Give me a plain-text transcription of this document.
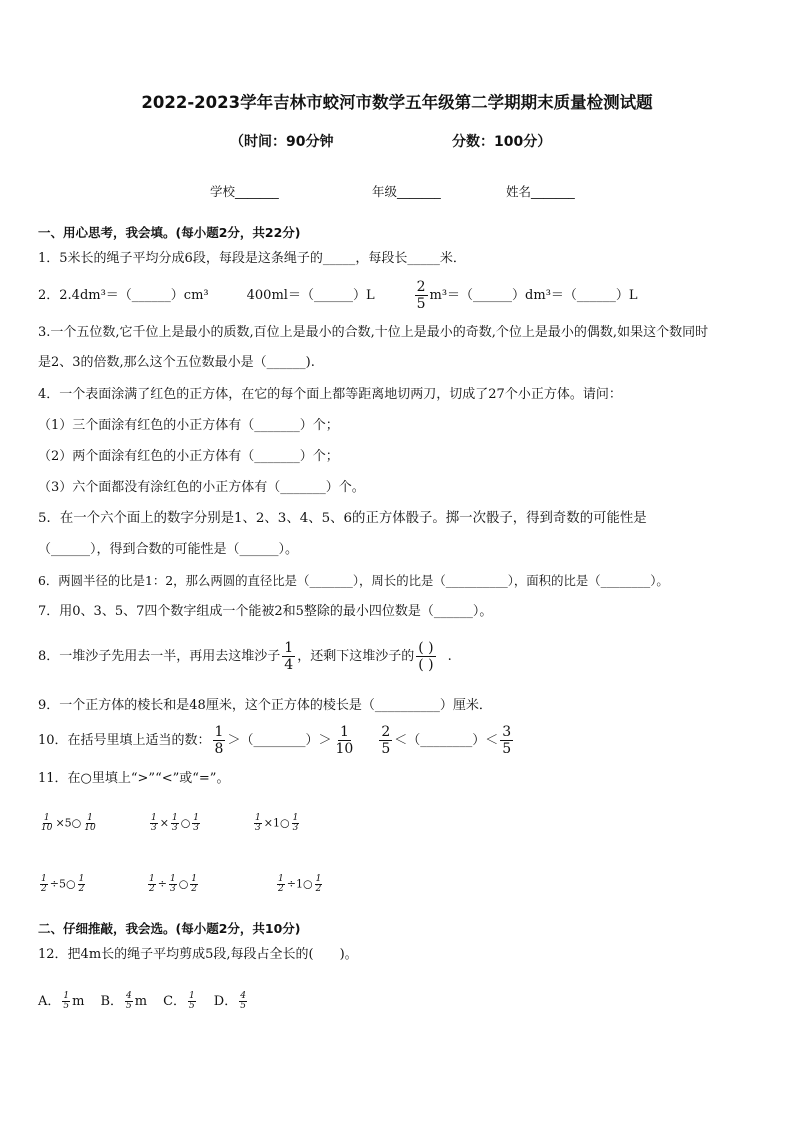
2022-2023学年吉林市蛟河市数学五年级第二学期期末质量检测试题
（时间：90分钟	分数：100分）
学校_______	年级_______	姓名_______
一、用心思考，我会填。(每小题2分，共22分)
1．5米长的绳子平均分成6段，每段是这条绳子的_____，每段长_____米．
2．2.4dm³＝（______）cm³	400ml＝（______）L	$\frac{2}{5}$ m³＝（______）dm³＝（______）L
3.一个五位数,它千位上是最小的质数,百位上是最小的合数,十位上是最小的奇数,个位上是最小的偶数,如果这个数同时
是2、3的倍数,那么这个五位数最小是（______).
4．一个表面涂满了红色的正方体，在它的每个面上都等距离地切两刀，切成了27个小正方体。请问：
（1）三个面涂有红色的小正方体有（_______）个；
（2）两个面涂有红色的小正方体有（_______）个；
（3）六个面都没有涂红色的小正方体有（_______）个。
5．在一个六个面上的数字分别是1、2、3、4、5、6的正方体骰子。掷一次骰子，得到奇数的可能性是
（______），得到合数的可能性是（______）。
6．两圆半径的比是1：2，那么两圆的直径比是（_______），周长的比是（__________），面积的比是（________）。
7．用0、3、5、7四个数字组成一个能被2和5整除的最小四位数是（______）。
8．一堆沙子先用去一半，再用去这堆沙子 $\frac{1}{4}$ ，还剩下这堆沙子的 $\frac{( )}{( )}$ .
9．一个正方体的棱长和是48厘米，这个正方体的棱长是（__________）厘米．
10．在括号里填上适当的数： $\frac{1}{8}$ ＞（________）＞ $\frac{1}{10} \frac{2}{5}$ ＜（________）＜ $\frac{3}{5}$
11．在○里填上“>”“<”或“=”。
$\frac{1}{10}$ ×5○ $\frac{1}{10}$	$\frac{1}{3} \times \frac{1}{3}$ ○ $\frac{1}{3}$	$\frac{1}{3}$ ×1○ $\frac{1}{3}$
$\frac{1}{2}$ ÷5○ $\frac{1}{2}$	$\frac{1}{2} \div \frac{1}{3}$ ○ $\frac{1}{2}$	$\frac{1}{2}$ ÷1○ $\frac{1}{2}$
二、仔细推敲，我会选。(每小题2分，共10分)
12．把4m长的绳子平均剪成5段,每段占全长的(　　)。
A． $\frac{1}{5}$ m B． $\frac{4}{5}$ m C． $\frac{1}{5}$ D． $\frac{4}{5}$
